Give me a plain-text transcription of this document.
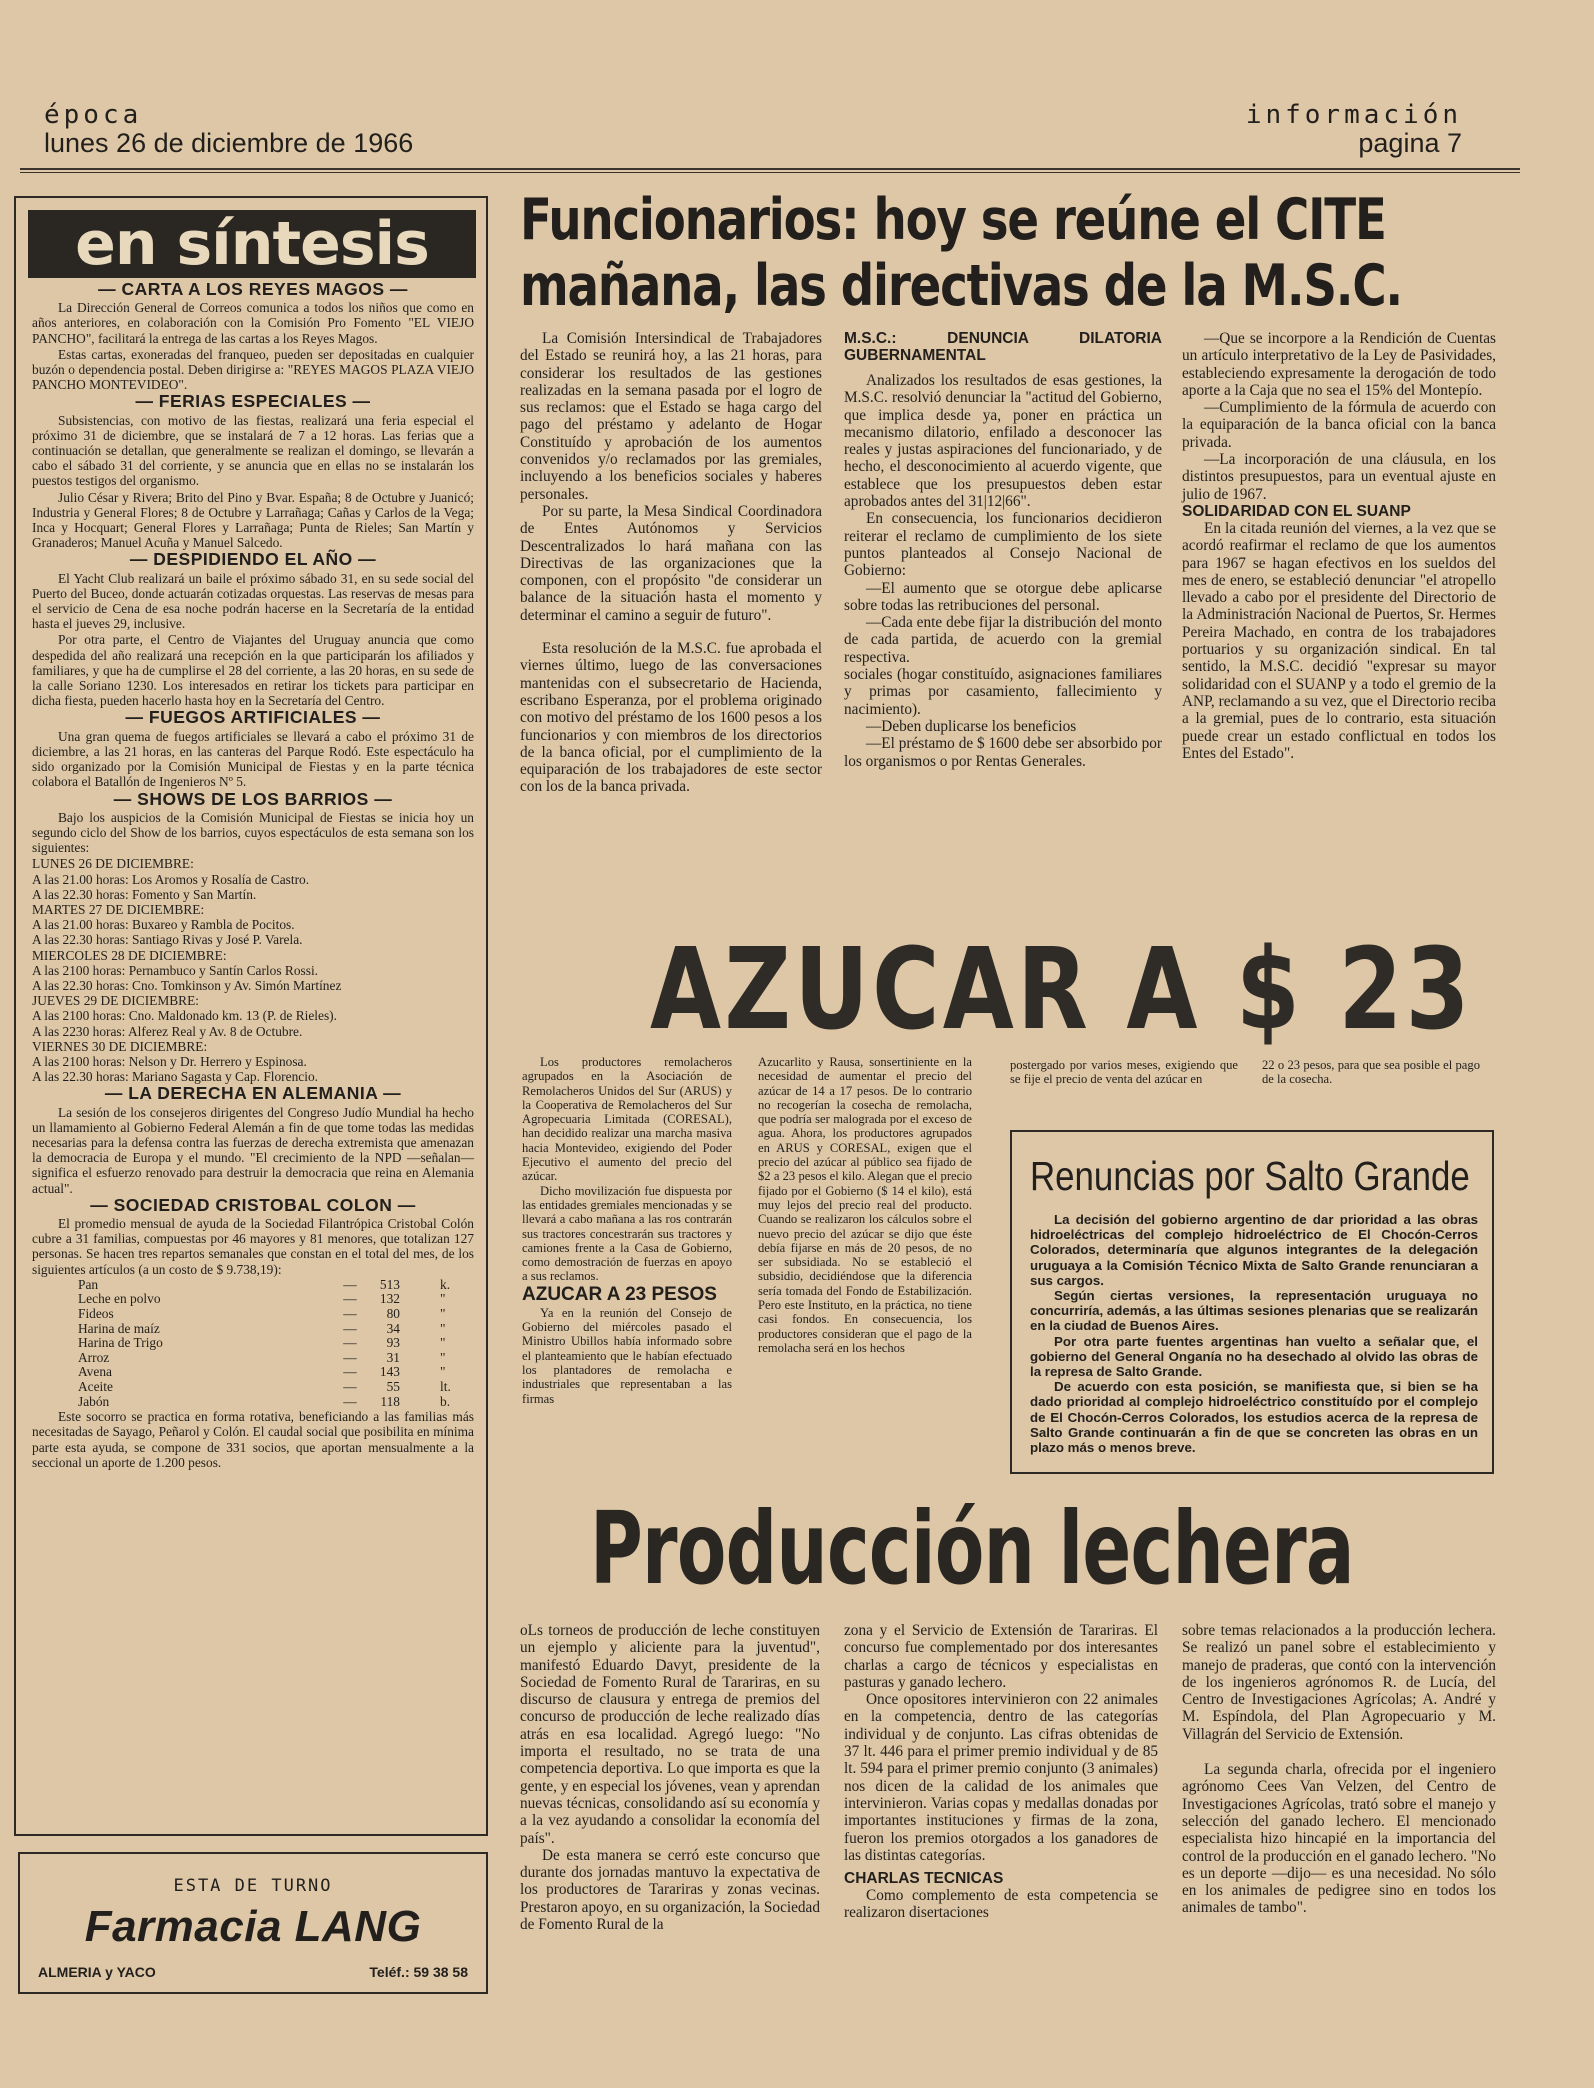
época
lunes 26 de diciembre de 1966
información
pagina 7
en síntesis
— CARTA A LOS REYES MAGOS —

La Dirección General de Correos comunica a todos los niños que como en años anteriores, en colaboración con la Comisión Pro Fomento "EL VIEJO PANCHO", facilitará la entrega de las cartas a los Reyes Magos.

Estas cartas, exoneradas del franqueo, pueden ser depositadas en cualquier buzón o dependencia postal. Deben dirigirse a: "REYES MAGOS PLAZA VIEJO PANCHO MONTEVIDEO".

— FERIAS ESPECIALES —

Subsistencias, con motivo de las fiestas, realizará una feria especial el próximo 31 de diciembre, que se instalará de 7 a 12 horas. Las ferias que a continuación se detallan, que generalmente se realizan el domingo, se llevarán a cabo el sábado 31 del corriente, y se anuncia que en ellas no se instalarán los puestos testigos del organismo.

Julio César y Rivera; Brito del Pino y Bvar. España; 8 de Octubre y Juanicó; Industria y General Flores; 8 de Octubre y Larrañaga; Cañas y Carlos de la Vega; Inca y Hocquart; General Flores y Larrañaga; Punta de Rieles; San Martín y Granaderos; Manuel Acuña y Manuel Salcedo.

— DESPIDIENDO EL AÑO —

El Yacht Club realizará un baile el próximo sábado 31, en su sede social del Puerto del Buceo, donde actuarán cotizadas orquestas. Las reservas de mesas para el servicio de Cena de esa noche podrán hacerse en la Secretaría de la entidad hasta el jueves 29, inclusive.

Por otra parte, el Centro de Viajantes del Uruguay anuncia que como despedida del año realizará una recepción en la que participarán los afiliados y familiares, y que ha de cumplirse el 28 del corriente, a las 20 horas, en su sede de la calle Soriano 1230. Los interesados en retirar los tickets para participar en dicha fiesta, pueden hacerlo hasta hoy en la Secretaría del Centro.

— FUEGOS ARTIFICIALES —

Una gran quema de fuegos artificiales se llevará a cabo el próximo 31 de diciembre, a las 21 horas, en las canteras del Parque Rodó. Este espectáculo ha sido organizado por la Comisión Municipal de Fiestas y en la parte técnica colabora el Batallón de Ingenieros Nº 5.

— SHOWS DE LOS BARRIOS —

Bajo los auspicios de la Comisión Municipal de Fiestas se inicia hoy un segundo ciclo del Show de los barrios, cuyos espectáculos de esta semana son los siguientes:

LUNES 26 DE DICIEMBRE:
A las 21.00 horas: Los Aromos y Rosalía de Castro.
A las 22.30 horas: Fomento y San Martín.
MARTES 27 DE DICIEMBRE:
A las 21.00 horas: Buxareo y Rambla de Pocitos.
A las 22.30 horas: Santiago Rivas y José P. Varela.
MIERCOLES 28 DE DICIEMBRE:
A las 2100 horas: Pernambuco y Santín Carlos Rossi.
A las 22.30 horas: Cno. Tomkinson y Av. Simón Martínez
JUEVES 29 DE DICIEMBRE:
A las 2100 horas: Cno. Maldonado km. 13 (P. de Rieles).
A las 2230 horas: Alferez Real y Av. 8 de Octubre.
VIERNES 30 DE DICIEMBRE:
A las 2100 horas: Nelson y Dr. Herrero y Espinosa.
A las 22.30 horas: Mariano Sagasta y Cap. Florencio.
— LA DERECHA EN ALEMANIA —

La sesión de los consejeros dirigentes del Congreso Judío Mundial ha hecho un llamamiento al Gobierno Federal Alemán a fin de que tome todas las medidas necesarias para la defensa contra las fuerzas de derecha extremista que amenazan la democracia de Europa y el mundo. "El crecimiento de la NPD —señalan— significa el esfuerzo renovado para destruir la democracia que reina en Alemania actual".

— SOCIEDAD CRISTOBAL COLON —

El promedio mensual de ayuda de la Sociedad Filantrópica Cristobal Colón cubre a 31 familias, compuestas por 46 mayores y 81 menores, que totalizan 127 personas. Se hacen tres repartos semanales que constan en el total del mes, de los siguientes artículos (a un costo de $ 9.738,19):

Pan	—	513	k.
Leche en polvo	—	132	"
Fideos	—	80	"
Harina de maíz	—	34	"
Harina de Trigo	—	93	"
Arroz	—	31	"
Avena	—	143	"
Aceite	—	55	lt.
Jabón	—	118	b.

Este socorro se practica en forma rotativa, beneficiando a las familias más necesitadas de Sayago, Peñarol y Colón. El caudal social que posibilita en mínima parte esta ayuda, se compone de 331 socios, que aportan mensualmente a la seccional un aporte de 1.200 pesos.

ESTA DE TURNO
Farmacia LANG
ALMERIA y YACO	Teléf.: 59 38 58
Funcionarios: hoy se reúne el CITE
mañana, las directivas de la M.S.C.

La Comisión Intersindical de Trabajadores del Estado se reunirá hoy, a las 21 horas, para considerar los resultados de las gestiones realizadas en la semana pasada por el logro de sus reclamos: que el Estado se haga cargo del pago del préstamo y adelanto de Hogar Constituído y aprobación de los aumentos convenidos y/o reclamados por las gremiales, incluyendo a los beneficios sociales y haberes personales.

Por su parte, la Mesa Sindical Coordinadora de Entes Autónomos y Servicios Descentralizados lo hará mañana con las Directivas de las organizaciones que la componen, con el propósito "de considerar un balance de la situación hasta el momento y determinar el camino a seguir de futuro".

Esta resolución de la M.S.C. fue aprobada el viernes último, luego de las conversaciones mantenidas con el subsecretario de Hacienda, escribano Esperanza, por el problema originado con motivo del préstamo de los 1600 pesos a los funcionarios y con miembros de los directorios de la banca oficial, por el cumplimiento de la equiparación de los trabajadores de este sector con los de la banca privada.

M.S.C.: DENUNCIA DILATORIA GUBERNAMENTAL

Analizados los resultados de esas gestiones, la M.S.C. resolvió denunciar la "actitud del Gobierno, que implica desde ya, poner en práctica un mecanismo dilatorio, enfilado a desconocer las reales y justas aspiraciones del funcionariado, y de hecho, el desconocimiento al acuerdo vigente, que establece que los presupuestos deben estar aprobados antes del 31|12|66".

En consecuencia, los funcionarios decidieron reiterar el reclamo de cumplimiento de los siete puntos planteados al Consejo Nacional de Gobierno:

—El aumento que se otorgue debe aplicarse sobre todas las retribuciones del personal.

—Cada ente debe fijar la distribución del monto de cada partida, de acuerdo con la gremial respectiva.

sociales (hogar constituído, asignaciones familiares y primas por casamiento, fallecimiento y nacimiento).

—Deben duplicarse los beneficios

—El préstamo de $ 1600 debe ser absorbido por los organismos o por Rentas Generales.

—Que se incorpore a la Rendición de Cuentas un artículo interpretativo de la Ley de Pasividades, estableciendo expresamente la derogación de todo aporte a la Caja que no sea el 15% del Montepío.

—Cumplimiento de la fórmula de acuerdo con la equiparación de la banca oficial con la banca privada.

—La incorporación de una cláusula, en los distintos presupuestos, para un eventual ajuste en julio de 1967.

SOLIDARIDAD CON EL SUANP

En la citada reunión del viernes, a la vez que se acordó reafirmar el reclamo de que los aumentos para 1967 se hagan efectivos en los sueldos del mes de enero, se estableció denunciar "el atropello llevado a cabo por el presidente del Directorio de la Administración Nacional de Puertos, Sr. Hermes Pereira Machado, en contra de los trabajadores portuarios y su organización sindical. En tal sentido, la M.S.C. decidió "expresar su mayor solidaridad con el SUANP y a todo el gremio de la ANP, reclamando a su vez, que el Directorio reciba a la gremial, pues de lo contrario, esta situación puede crear un estado conflictual en todos los Entes del Estado".

AZUCAR A $ 23

Los productores remolacheros agrupados en la Asociación de Remolacheros Unidos del Sur (ARUS) y la Cooperativa de Remolacheros del Sur Agropecuaria Limitada (CORESAL), han decidido realizar una marcha masiva hacia Montevideo, exigiendo del Poder Ejecutivo el aumento del precio del azúcar.

Dicho movilización fue dispuesta por las entidades gremiales mencionadas y se llevará a cabo mañana a las ros contrarán sus tractores concestrarán sus tractores y camiones frente a la Casa de Gobierno, como demostración de fuerzas en apoyo a sus reclamos.

AZUCAR A 23 PESOS

Ya en la reunión del Consejo de Gobierno del miércoles pasado el Ministro Ubillos había informado sobre el planteamiento que le habían efectuado los plantadores de remolacha e industriales que representaban a las firmas

Azucarlito y Rausa, sonsertiniente en la necesidad de aumentar el precio del azúcar de 14 a 17 pesos. De lo contrario no recogerían la cosecha de remolacha, que podría ser malograda por el exceso de agua. Ahora, los productores agrupados en ARUS y CORESAL, exigen que el precio del azúcar al público sea fijado de $2 a 23 pesos el kilo. Alegan que el precio fijado por el Gobierno ($ 14 el kilo), está muy lejos del precio real del producto. Cuando se realizaron los cálculos sobre el nuevo precio del azúcar se dijo que éste debía fijarse en más de 20 pesos, de no ser subsidiada. No se estableció el subsidio, decidiéndose que la diferencia sería tomada del Fondo de Estabilización. Pero este Instituto, en la práctica, no tiene casi fondos. En consecuencia, los productores consideran que el pago de la remolacha será en los hechos

postergado por varios meses, exigiendo que se fije el precio de venta del azúcar en
22 o 23 pesos, para que sea posible el pago de la cosecha.
Renuncias por Salto Grande

La decisión del gobierno argentino de dar prioridad a las obras hidroeléctricas del complejo hidroeléctrico de El Chocón-Cerros Colorados, determinaría que algunos integrantes de la delegación uruguaya a la Comisión Técnico Mixta de Salto Grande renunciaran a sus cargos.

Según ciertas versiones, la representación uruguaya no concurriría, además, a las últimas sesiones plenarias que se realizarán en la ciudad de Buenos Aires.

Por otra parte fuentes argentinas han vuelto a señalar que, el gobierno del General Onganía no ha desechado al olvido las obras de la represa de Salto Grande.

De acuerdo con esta posición, se manifiesta que, si bien se ha dado prioridad al complejo hidroeléctrico constituído por el complejo de El Chocón-Cerros Colorados, los estudios acerca de la represa de Salto Grande continuarán a fin de que se concreten las obras en un plazo más o menos breve.

Producción lechera

oLs torneos de producción de leche constituyen un ejemplo y aliciente para la juventud", manifestó Eduardo Davyt, presidente de la Sociedad de Fomento Rural de Tarariras, en su discurso de clausura y entrega de premios del concurso de producción de leche realizado días atrás en esa localidad. Agregó luego: "No importa el resultado, no se trata de una competencia deportiva. Lo que importa es que la gente, y en especial los jóvenes, vean y aprendan nuevas técnicas, consolidando así su economía y a la vez ayudando a consolidar la economía del país".

De esta manera se cerró este concurso que durante dos jornadas mantuvo la expectativa de los productores de Tarariras y zonas vecinas. Prestaron apoyo, en su organización, la Sociedad de Fomento Rural de la

zona y el Servicio de Extensión de Tarariras. El concurso fue complementado por dos interesantes charlas a cargo de técnicos y especialistas en pasturas y ganado lechero.

Once opositores intervinieron con 22 animales en la competencia, dentro de las categorías individual y de conjunto. Las cifras obtenidas de 37 lt. 446 para el primer premio individual y de 85 lt. 594 para el primer premio conjunto (3 animales) nos dicen de la calidad de los animales que intervinieron. Varias copas y medallas donadas por importantes instituciones y firmas de la zona, fueron los premios otorgados a los ganadores de las distintas categorías.

CHARLAS TECNICAS

Como complemento de esta competencia se realizaron disertaciones

sobre temas relacionados a la producción lechera. Se realizó un panel sobre el establecimiento y manejo de praderas, que contó con la intervención de los ingenieros agrónomos R. de Lucía, del Centro de Investigaciones Agrícolas; A. André y M. Espíndola, del Plan Agropecuario y M. Villagrán del Servicio de Extensión.

La segunda charla, ofrecida por el ingeniero agrónomo Cees Van Velzen, del Centro de Investigaciones Agrícolas, trató sobre el manejo y selección del ganado lechero. El mencionado especialista hizo hincapié en la importancia del control de la producción en el ganado lechero. "No es un deporte —dijo— es una necesidad. No sólo en los animales de pedigree sino en todos los animales de tambo".
